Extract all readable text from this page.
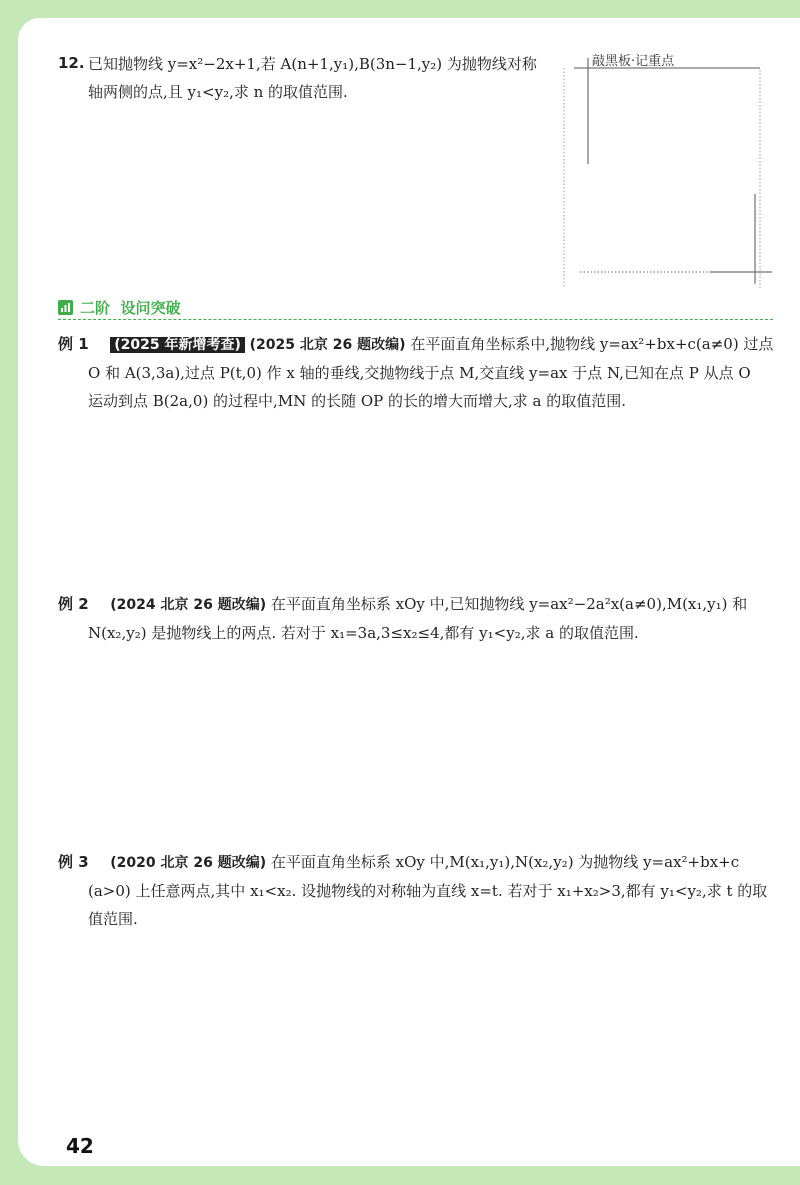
12. 已知抛物线 y=x²−2x+1,若 A(n+1,y₁),B(3n−1,y₂) 为抛物线对称
轴两侧的点,且 y₁<y₂,求 n 的取值范围.
敲黑板·记重点
二阶  设问突破
例 1 (2025 年新增考查) (2025 北京 26 题改编) 在平面直角坐标系中,抛物线 y=ax²+bx+c(a≠0) 过点
O 和 A(3,3a),过点 P(t,0) 作 x 轴的垂线,交抛物线于点 M,交直线 y=ax 于点 N,已知在点 P 从点 O
运动到点 B(2a,0) 的过程中,MN 的长随 OP 的长的增大而增大,求 a 的取值范围.
例 2 (2024 北京 26 题改编) 在平面直角坐标系 xOy 中,已知抛物线 y=ax²−2a²x(a≠0),M(x₁,y₁) 和
N(x₂,y₂) 是抛物线上的两点. 若对于 x₁=3a,3≤x₂≤4,都有 y₁<y₂,求 a 的取值范围.
例 3 (2020 北京 26 题改编) 在平面直角坐标系 xOy 中,M(x₁,y₁),N(x₂,y₂) 为抛物线 y=ax²+bx+c
(a>0) 上任意两点,其中 x₁<x₂. 设抛物线的对称轴为直线 x=t. 若对于 x₁+x₂>3,都有 y₁<y₂,求 t 的取
值范围.
42
